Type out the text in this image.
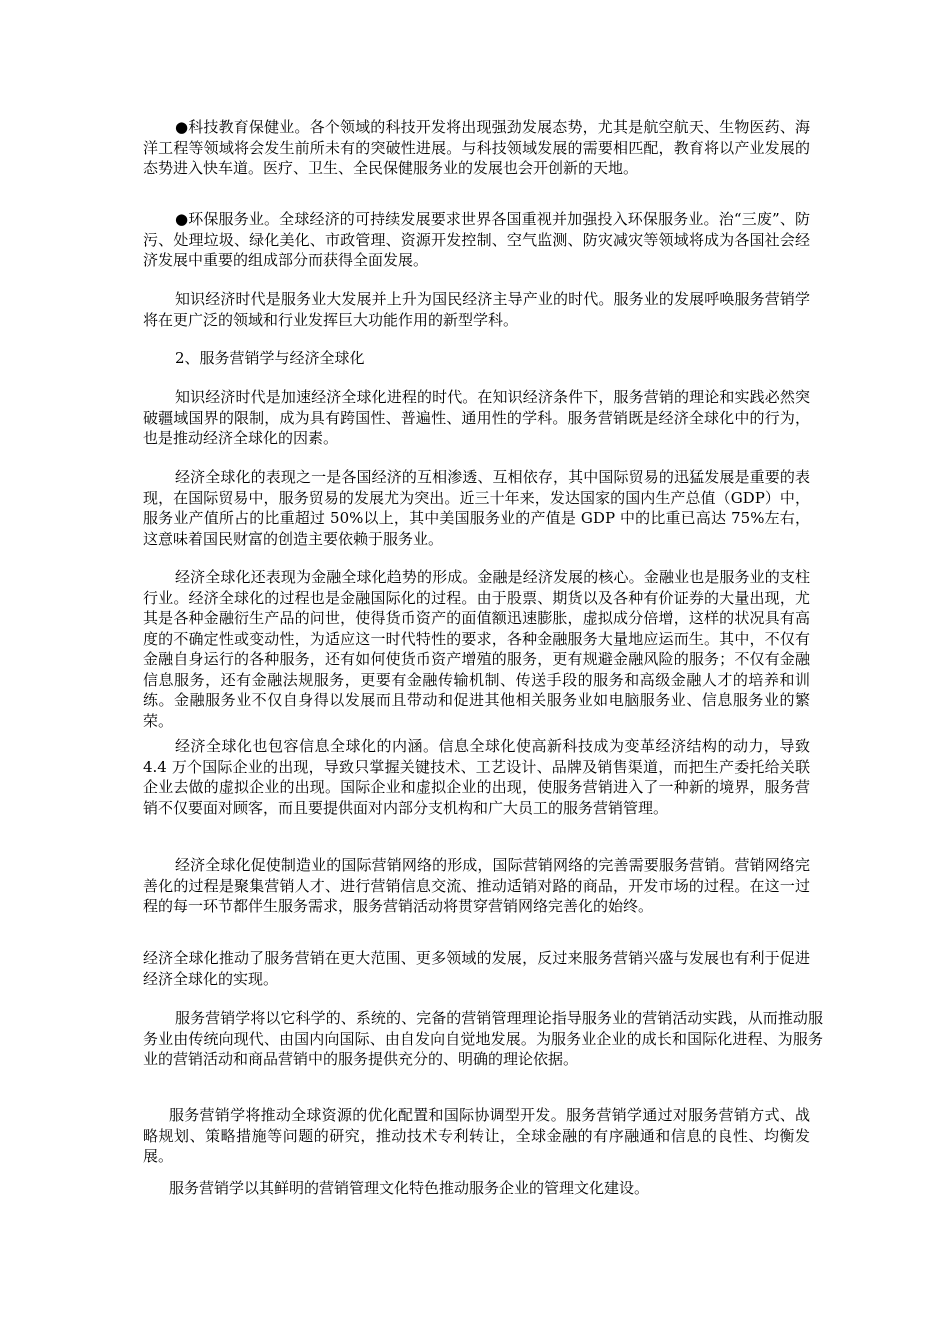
●科技教育保健业。各个领域的科技开发将出现强劲发展态势，尤其是航空航天、生物医药、海洋工程等领域将会发生前所未有的突破性进展。与科技领域发展的需要相匹配，教育将以产业发展的态势进入快车道。医疗、卫生、全民保健服务业的发展也会开创新的天地。

●环保服务业。全球经济的可持续发展要求世界各国重视并加强投入环保服务业。治“三废”、防污、处理垃圾、绿化美化、市政管理、资源开发控制、空气监测、防灾减灾等领域将成为各国社会经济发展中重要的组成部分而获得全面发展。

知识经济时代是服务业大发展并上升为国民经济主导产业的时代。服务业的发展呼唤服务营销学将在更广泛的领域和行业发挥巨大功能作用的新型学科。

2、服务营销学与经济全球化

知识经济时代是加速经济全球化进程的时代。在知识经济条件下，服务营销的理论和实践必然突破疆域国界的限制，成为具有跨国性、普遍性、通用性的学科。服务营销既是经济全球化中的行为，也是推动经济全球化的因素。

经济全球化的表现之一是各国经济的互相渗透、互相依存，其中国际贸易的迅猛发展是重要的表现，在国际贸易中，服务贸易的发展尤为突出。近三十年来，发达国家的国内生产总值（GDP）中，服务业产值所占的比重超过 50%以上，其中美国服务业的产值是 GDP 中的比重已高达 75%左右，这意味着国民财富的创造主要依赖于服务业。

经济全球化还表现为金融全球化趋势的形成。金融是经济发展的核心。金融业也是服务业的支柱行业。经济全球化的过程也是金融国际化的过程。由于股票、期货以及各种有价证券的大量出现，尤其是各种金融衍生产品的问世，使得货币资产的面值额迅速膨胀，虚拟成分倍增，这样的状况具有高度的不确定性或变动性，为适应这一时代特性的要求，各种金融服务大量地应运而生。其中，不仅有金融自身运行的各种服务，还有如何使货币资产增殖的服务，更有规避金融风险的服务；不仅有金融信息服务，还有金融法规服务，更要有金融传输机制、传送手段的服务和高级金融人才的培养和训练。金融服务业不仅自身得以发展而且带动和促进其他相关服务业如电脑服务业、信息服务业的繁荣。

经济全球化也包容信息全球化的内涵。信息全球化使高新科技成为变革经济结构的动力，导致 4.4 万个国际企业的出现，导致只掌握关键技术、工艺设计、品牌及销售渠道，而把生产委托给关联企业去做的虚拟企业的出现。国际企业和虚拟企业的出现，使服务营销进入了一种新的境界，服务营销不仅要面对顾客，而且要提供面对内部分支机构和广大员工的服务营销管理。

经济全球化促使制造业的国际营销网络的形成，国际营销网络的完善需要服务营销。营销网络完善化的过程是聚集营销人才、进行营销信息交流、推动适销对路的商品，开发市场的过程。在这一过程的每一环节都伴生服务需求，服务营销活动将贯穿营销网络完善化的始终。

经济全球化推动了服务营销在更大范围、更多领域的发展，反过来服务营销兴盛与发展也有利于促进经济全球化的实现。

服务营销学将以它科学的、系统的、完备的营销管理理论指导服务业的营销活动实践，从而推动服务业由传统向现代、由国内向国际、由自发向自觉地发展。为服务业企业的成长和国际化进程、为服务业的营销活动和商品营销中的服务提供充分的、明确的理论依据。

服务营销学将推动全球资源的优化配置和国际协调型开发。服务营销学通过对服务营销方式、战略规划、策略措施等问题的研究，推动技术专利转让，全球金融的有序融通和信息的良性、均衡发展。

服务营销学以其鲜明的营销管理文化特色推动服务企业的管理文化建设。
